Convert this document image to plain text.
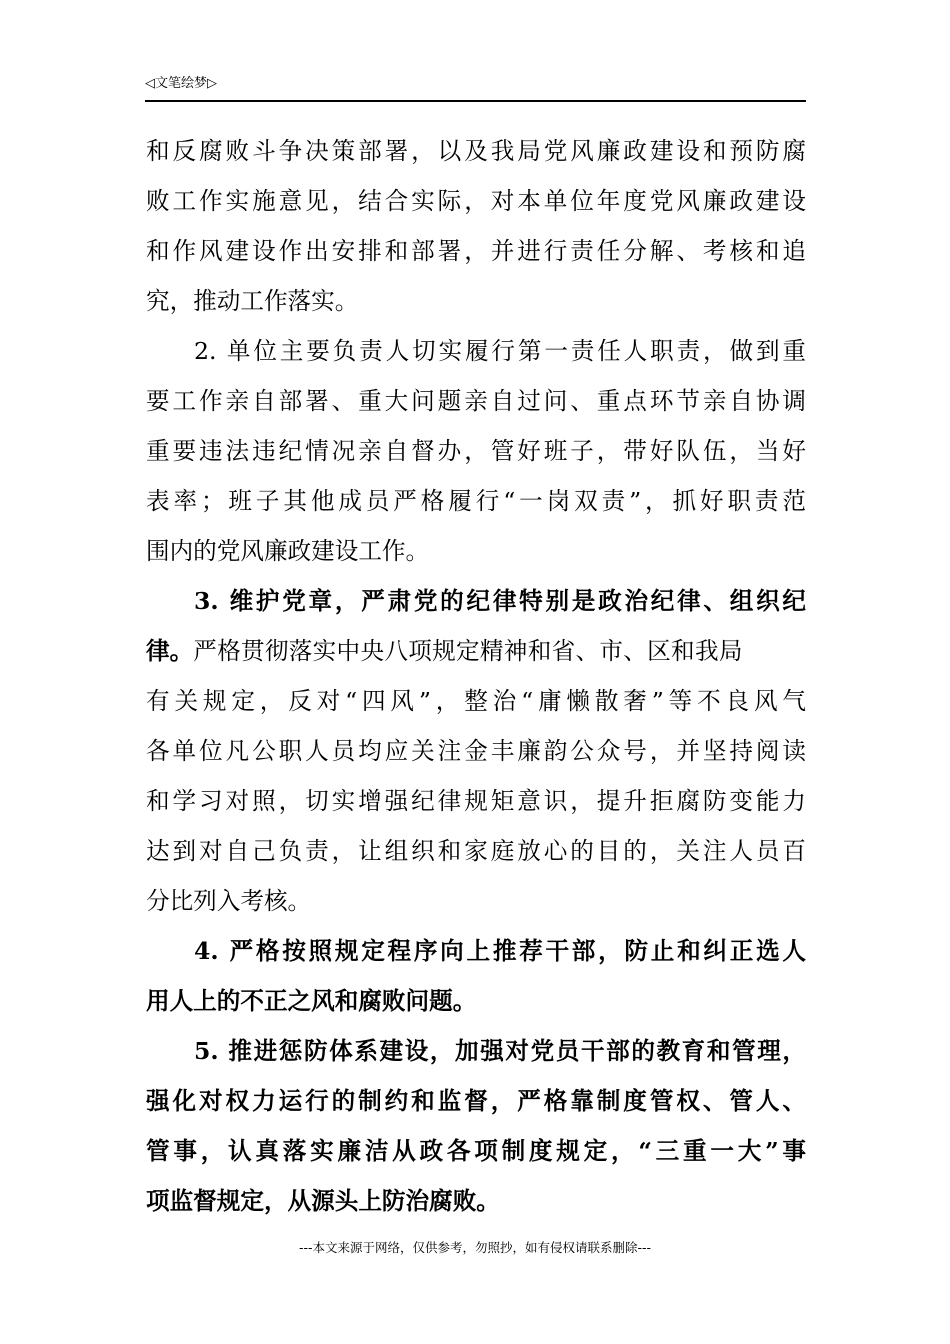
◁文笔绘梦▷
和反腐败斗争决策部署，以及我局党风廉政建设和预防腐
败工作实施意见，结合实际，对本单位年度党风廉政建设
和作风建设作出安排和部署，并进行责任分解、考核和追
究，推动工作落实。
2. 单位主要负责人切实履行第一责任人职责，做到重
要工作亲自部署、重大问题亲自过问、重点环节亲自协调
重要违法违纪情况亲自督办，管好班子，带好队伍，当好
表率；班子其他成员严格履行“一岗双责”，抓好职责范
围内的党风廉政建设工作。
3. 维护党章，严肃党的纪律特别是政治纪律、组织纪
律。严格贯彻落实中央八项规定精神和省、市、区和我局
有关规定，反对“四风”，整治“庸懒散奢”等不良风气
各单位凡公职人员均应关注金丰廉韵公众号，并坚持阅读
和学习对照，切实增强纪律规矩意识，提升拒腐防变能力
达到对自己负责，让组织和家庭放心的目的，关注人员百
分比列入考核。
4. 严格按照规定程序向上推荐干部，防止和纠正选人
用人上的不正之风和腐败问题。
5. 推进惩防体系建设，加强对党员干部的教育和管理，
强化对权力运行的制约和监督，严格靠制度管权、管人、
管事，认真落实廉洁从政各项制度规定，“三重一大”事
项监督规定，从源头上防治腐败。
---本文来源于网络，仅供参考，勿照抄，如有侵权请联系删除---
